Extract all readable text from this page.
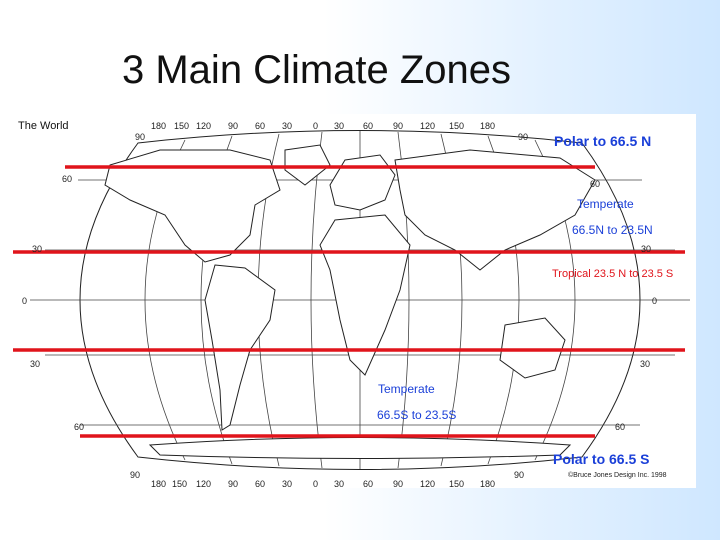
3 Main Climate Zones
180 150 120 90 60 30 0 30 60 90 120 150 180
180 150 120 90 60 30 0 30 60 90 120 150 180
90
60
30
0
30
60
90
90
60
30
0
30
60
90
The World
Polar to 66.5 N
Temperate
66.5N to 23.5N
Tropical 23.5 N to 23.5 S
Temperate
66.5S to 23.5S
Polar to 66.5 S
©Bruce Jones Design Inc. 1998
